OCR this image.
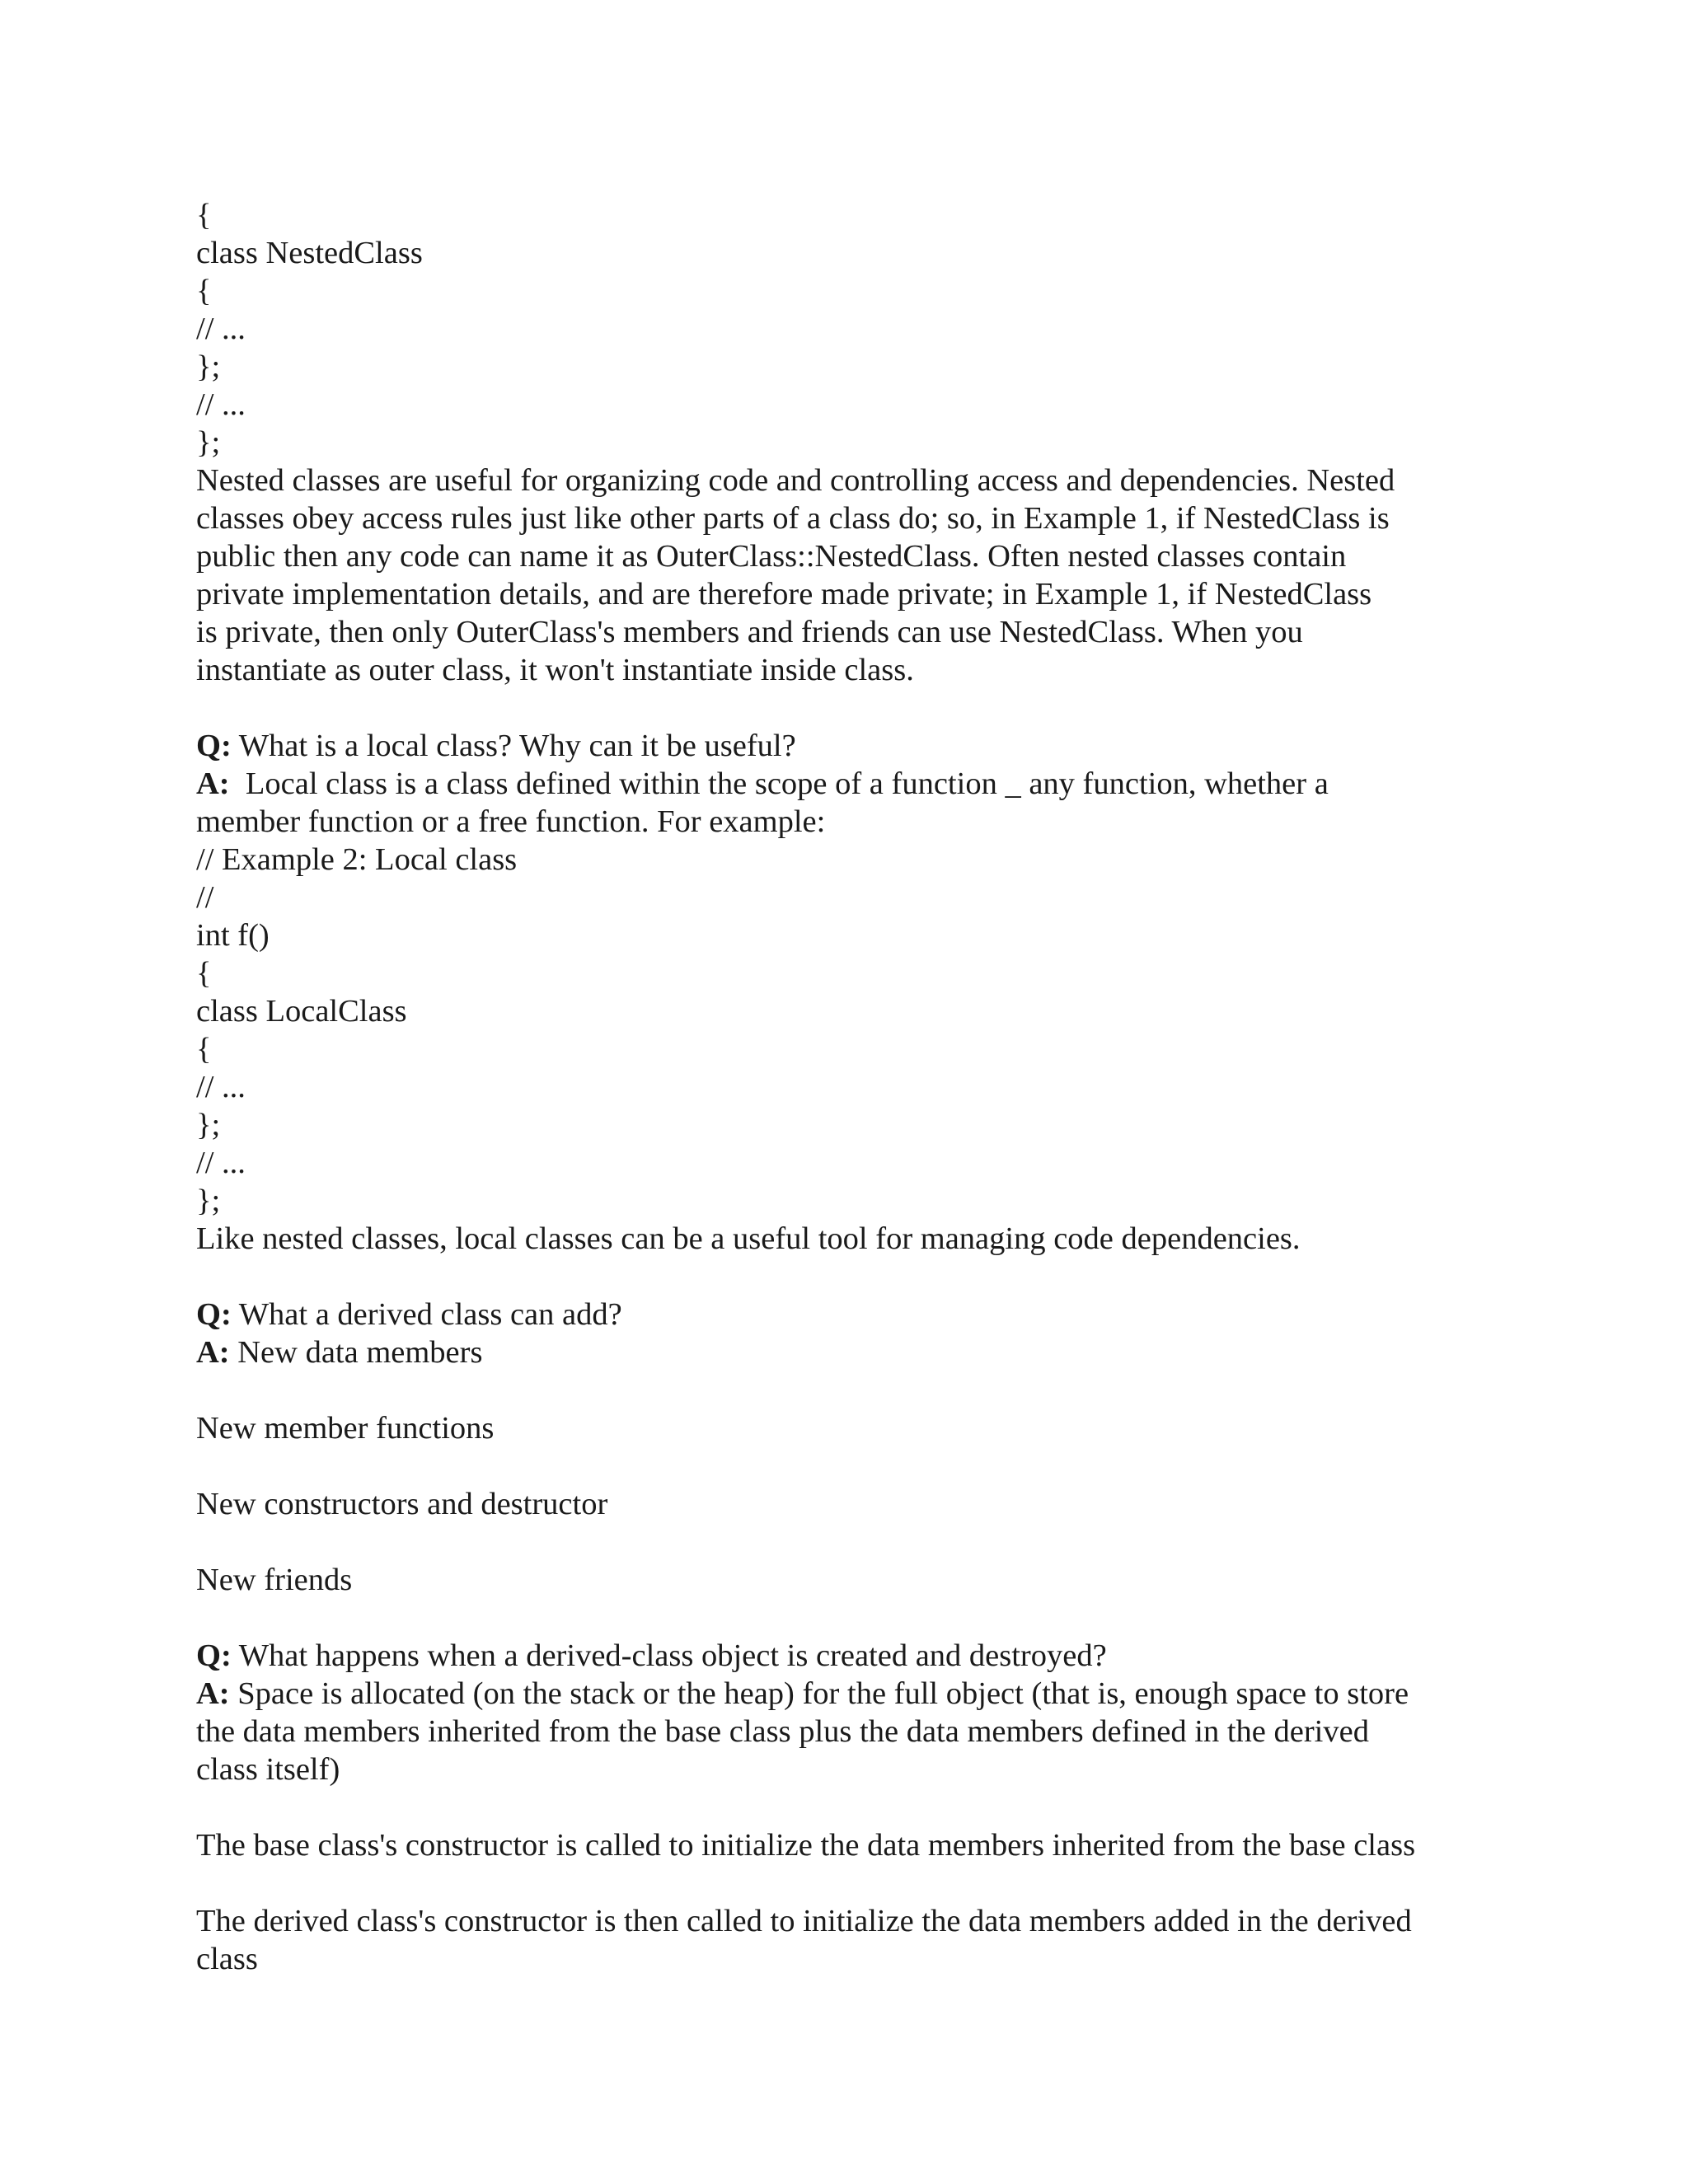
{
class NestedClass
{
// ...
};
// ...
};
Nested classes are useful for organizing code and controlling access and dependencies. Nested
classes obey access rules just like other parts of a class do; so, in Example 1, if NestedClass is
public then any code can name it as OuterClass::NestedClass. Often nested classes contain
private implementation details, and are therefore made private; in Example 1, if NestedClass
is private, then only OuterClass's members and friends can use NestedClass. When you
instantiate as outer class, it won't instantiate inside class.
Q: What is a local class? Why can it be useful?
A:  Local class is a class defined within the scope of a function _ any function, whether a
member function or a free function. For example:
// Example 2: Local class
//
int f()
{
class LocalClass
{
// ...
};
// ...
};
Like nested classes, local classes can be a useful tool for managing code dependencies.
Q: What a derived class can add?
A: New data members
New member functions
New constructors and destructor
New friends
Q: What happens when a derived-class object is created and destroyed?
A: Space is allocated (on the stack or the heap) for the full object (that is, enough space to store
the data members inherited from the base class plus the data members defined in the derived
class itself)
The base class's constructor is called to initialize the data members inherited from the base class
The derived class's constructor is then called to initialize the data members added in the derived
class
